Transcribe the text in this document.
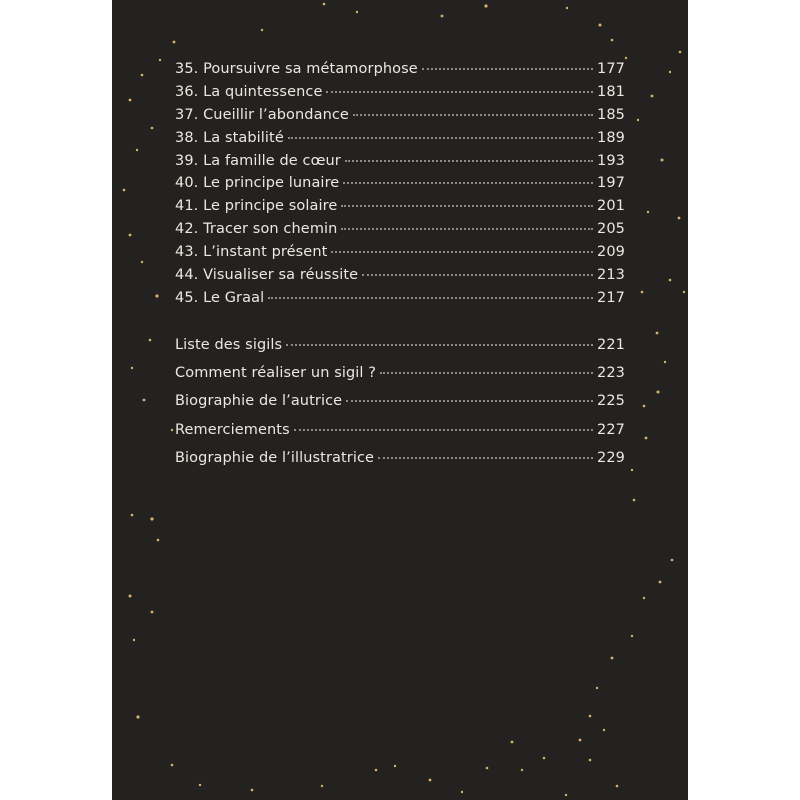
35. Poursuivre sa métamorphose	177
36. La quintessence	181
37. Cueillir l’abondance	185
38. La stabilité	189
39. La famille de cœur	193
40. Le principe lunaire	197
41. Le principe solaire	201
42. Tracer son chemin	205
43. L’instant présent	209
44. Visualiser sa réussite	213
45. Le Graal	217
Liste des sigils	221
Comment réaliser un sigil ?	223
Biographie de l’autrice	225
Remerciements	227
Biographie de l’illustratrice	229
